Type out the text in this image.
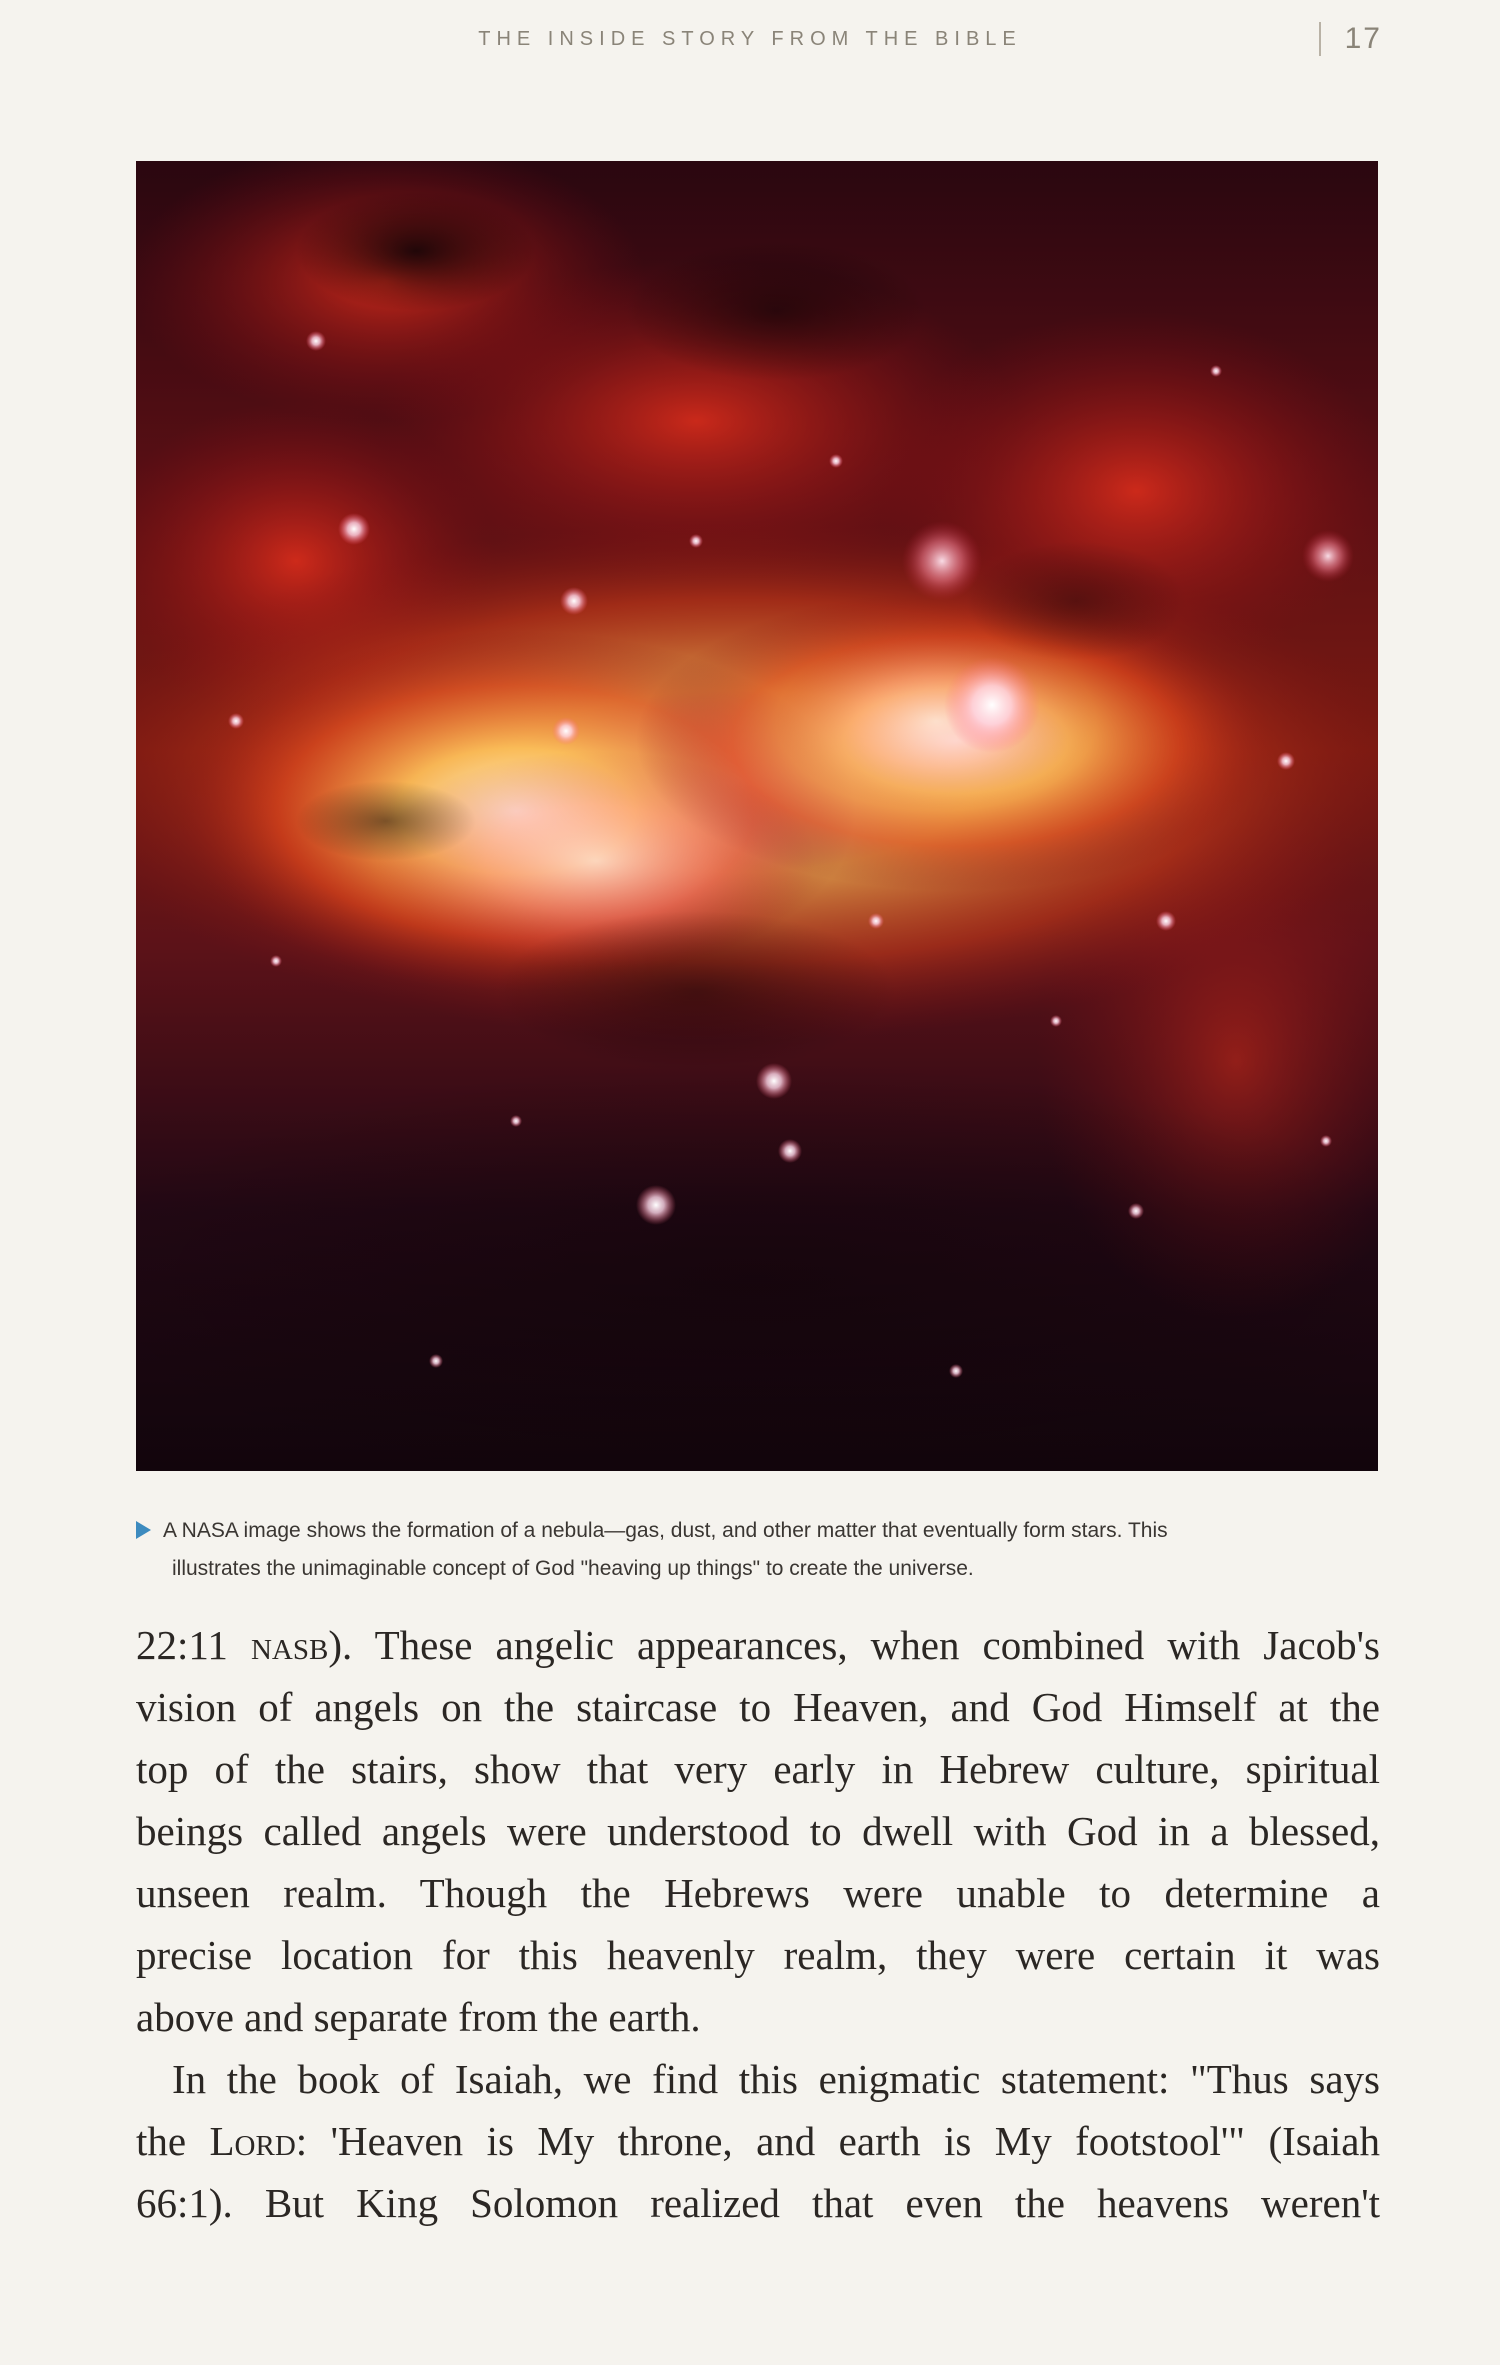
THE INSIDE STORY FROM THE BIBLE	17
A NASA image shows the formation of a nebula—gas, dust, and other matter that eventually form stars. This
illustrates the unimaginable concept of God "heaving up things" to create the universe.
22:11 nasb). These angelic appearances, when combined with Jacob's
vision of angels on the staircase to Heaven, and God Himself at the
top of the stairs, show that very early in Hebrew culture, spiritual
beings called angels were understood to dwell with God in a blessed,
unseen realm. Though the Hebrews were unable to determine a
precise location for this heavenly realm, they were certain it was
above and separate from the earth.
In the book of Isaiah, we find this enigmatic statement: "Thus says
the Lord: 'Heaven is My throne, and earth is My footstool'" (Isaiah
66:1). But King Solomon realized that even the heavens weren't
